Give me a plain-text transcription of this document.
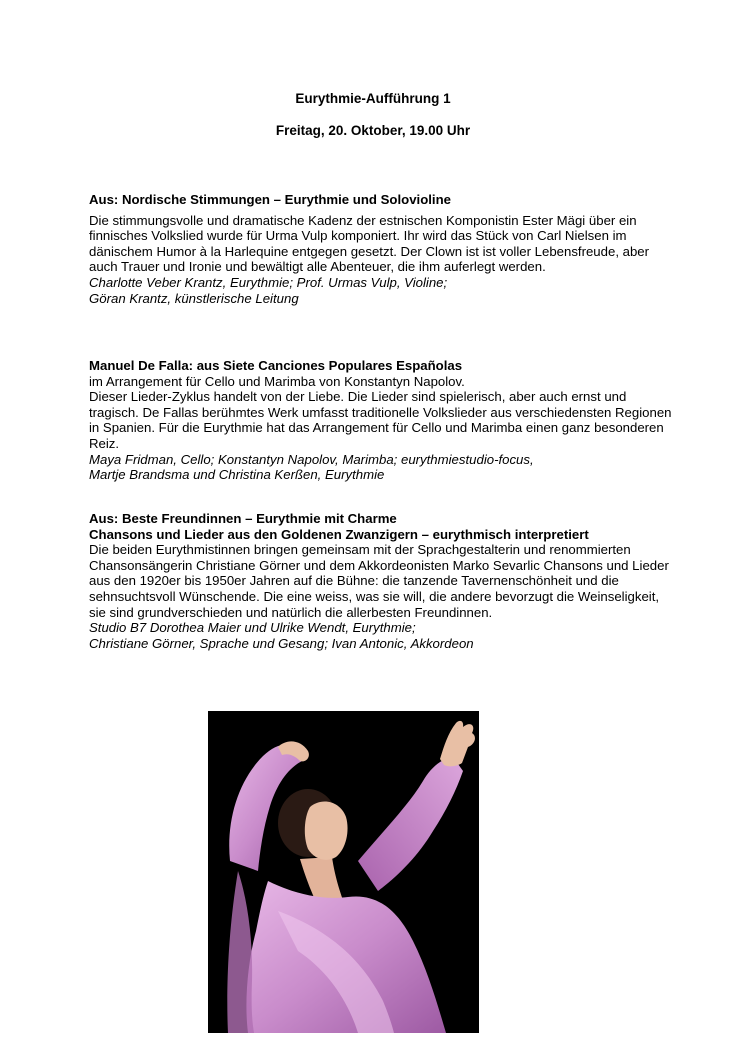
Eurythmie-Aufführung 1
Freitag, 20. Oktober, 19.00 Uhr
Aus: Nordische Stimmungen – Eurythmie und Solovioline

Die stimmungsvolle und dramatische Kadenz der estnischen Komponistin Ester Mägi über ein finnisches Volkslied wurde für Urma Vulp komponiert. Ihr wird das Stück von Carl Nielsen im dänischem Humor à la Harlequine entgegen gesetzt. Der Clown ist ist voller Lebensfreude, aber auch Trauer und Ironie und bewältigt alle Abenteuer, die ihm auferlegt werden.

Charlotte Veber Krantz, Eurythmie; Prof. Urmas Vulp, Violine;

Göran Krantz, künstlerische Leitung

Manuel De Falla: aus Siete Canciones Populares Españolas

im Arrangement für Cello und Marimba von Konstantyn Napolov.

Dieser Lieder-Zyklus handelt von der Liebe. Die Lieder sind spielerisch, aber auch ernst und tragisch. De Fallas berühmtes Werk umfasst traditionelle Volkslieder aus verschiedensten Regionen in Spanien. Für die Eurythmie hat das Arrangement für Cello und Marimba einen ganz besonderen Reiz.

Maya Fridman, Cello; Konstantyn Napolov, Marimba; eurythmiestudio-focus,

Martje Brandsma und Christina Kerßen, Eurythmie

Aus: Beste Freundinnen – Eurythmie mit Charme
Chansons und Lieder aus den Goldenen Zwanzigern – eurythmisch interpretiert

Die beiden Eurythmistinnen bringen gemeinsam mit der Sprachgestalterin und renommierten Chansonsängerin Christiane Görner und dem Akkordeonisten Marko Sevarlic Chansons und Lieder aus den 1920er bis 1950er Jahren auf die Bühne: die tanzende Tavernenschönheit und die sehnsuchtsvoll Wünschende. Die eine weiss, was sie will, die andere bevorzugt die Weinseligkeit, sie sind grundverschieden und natürlich die allerbesten Freundinnen.

Studio B7 Dorothea Maier und Ulrike Wendt, Eurythmie;

Christiane Görner, Sprache und Gesang; Ivan Antonic, Akkordeon
